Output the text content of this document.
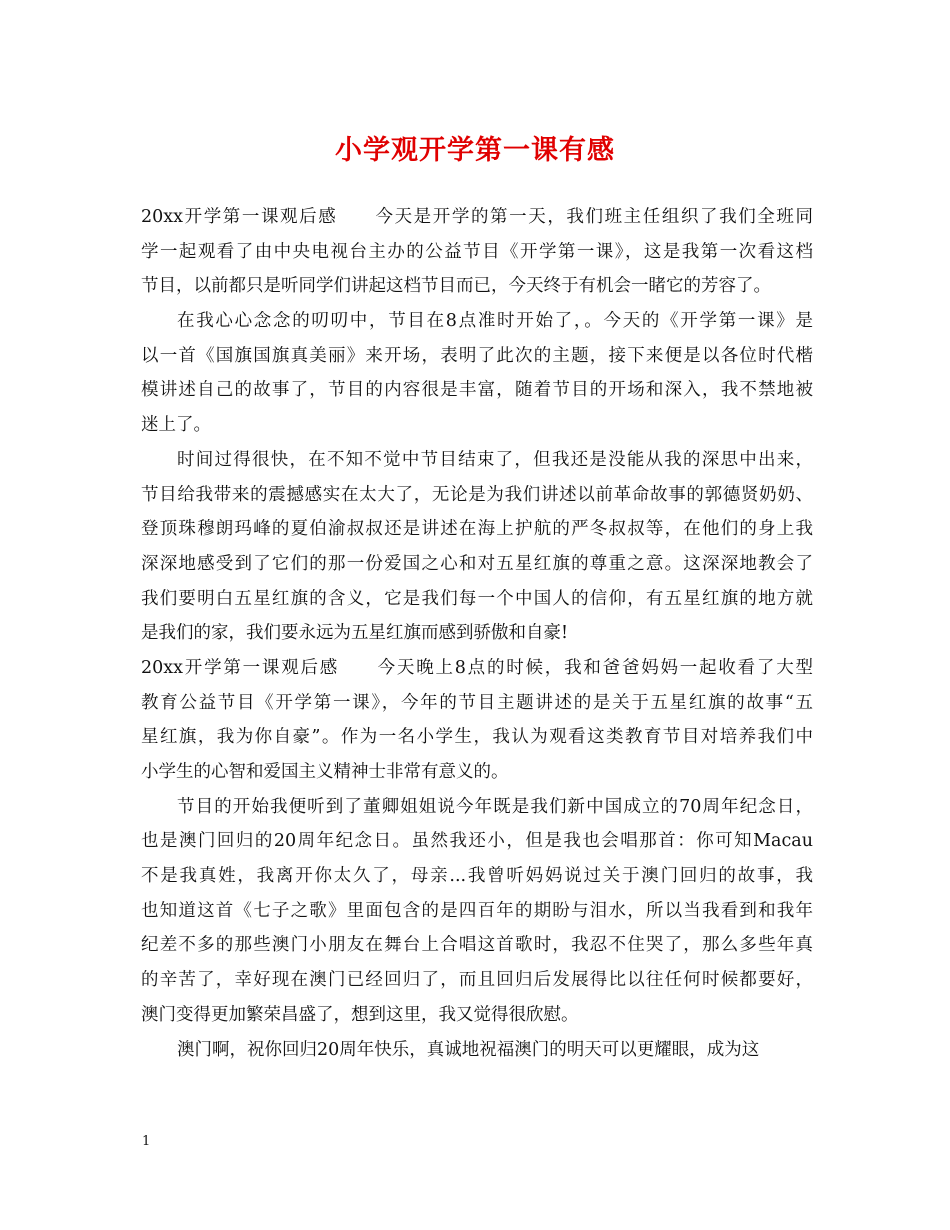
小学观开学第一课有感
20xx开学第一课观后感　　今天是开学的第一天，我们班主任组织了我们全班同
学一起观看了由中央电视台主办的公益节目《开学第一课》，这是我第一次看这档
节目，以前都只是听同学们讲起这档节目而已，今天终于有机会一睹它的芳容了。
在我心心念念的叨叨中，节目在8点准时开始了，。今天的《开学第一课》是
以一首《国旗国旗真美丽》来开场，表明了此次的主题，接下来便是以各位时代楷
模讲述自己的故事了，节目的内容很是丰富，随着节目的开场和深入，我不禁地被
迷上了。
时间过得很快，在不知不觉中节目结束了，但我还是没能从我的深思中出来，
节目给我带来的震撼感实在太大了，无论是为我们讲述以前革命故事的郭德贤奶奶、
登顶珠穆朗玛峰的夏伯渝叔叔还是讲述在海上护航的严冬叔叔等，在他们的身上我
深深地感受到了它们的那一份爱国之心和对五星红旗的尊重之意。这深深地教会了
我们要明白五星红旗的含义，它是我们每一个中国人的信仰，有五星红旗的地方就
是我们的家，我们要永远为五星红旗而感到骄傲和自豪!
20xx开学第一课观后感　　今天晚上8点的时候，我和爸爸妈妈一起收看了大型
教育公益节目《开学第一课》，今年的节目主题讲述的是关于五星红旗的故事“五
星红旗，我为你自豪”。作为一名小学生，我认为观看这类教育节目对培养我们中
小学生的心智和爱国主义精神士非常有意义的。
节目的开始我便听到了董卿姐姐说今年既是我们新中国成立的70周年纪念日，
也是澳门回归的20周年纪念日。虽然我还小，但是我也会唱那首：你可知Macau
不是我真姓，我离开你太久了，母亲...我曾听妈妈说过关于澳门回归的故事，我
也知道这首《七子之歌》里面包含的是四百年的期盼与泪水，所以当我看到和我年
纪差不多的那些澳门小朋友在舞台上合唱这首歌时，我忍不住哭了，那么多些年真
的辛苦了，幸好现在澳门已经回归了，而且回归后发展得比以往任何时候都要好，
澳门变得更加繁荣昌盛了，想到这里，我又觉得很欣慰。
澳门啊，祝你回归20周年快乐，真诚地祝福澳门的明天可以更耀眼，成为这
1
